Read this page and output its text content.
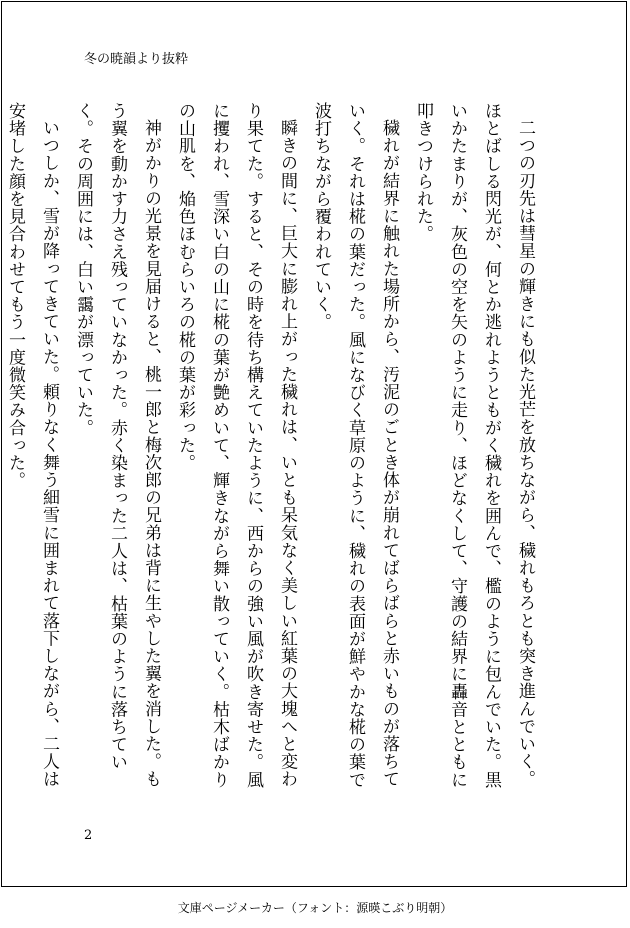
冬の暁韻より抜粋

二つの刃先は彗星の輝きにも似た光芒を放ちながら、穢れもろとも突き進んでいく。ほとばしる閃光が、何とか逃れようともがく穢れを囲んで、檻のように包んでいた。黒いかたまりが、灰色の空を矢のように走り、ほどなくして、守護の結界に轟音とともに叩きつけられた。

穢れが結界に触れた場所から、汚泥のごとき体が崩れてばらばらと赤いものが落ちていく。それは椛の葉だった。風になびく草原のように、穢れの表面が鮮やかな椛の葉で波打ちながら覆われていく。

瞬きの間に、巨大に膨れ上がった穢れは、いとも呆気なく美しい紅葉の大塊へと変わり果てた。すると、その時を待ち構えていたように、西からの強い風が吹き寄せた。風に攫われ、雪深い白の山に椛の葉が艶めいて、輝きながら舞い散っていく。枯木ばかりの山肌を、焔色ほむらいろの椛の葉が彩った。

神がかりの光景を見届けると、桃一郎と梅次郎の兄弟は背に生やした翼を消した。もう翼を動かす力さえ残っていなかった。赤く染まった二人は、枯葉のように落ちていく。その周囲には、白い靄が漂っていた。

いつしか、雪が降ってきていた。頼りなく舞う細雪に囲まれて落下しながら、二人は安堵した顔を見合わせてもう一度微笑み合った。

2
文庫ページメーカー（フォント：源暎こぶり明朝）
